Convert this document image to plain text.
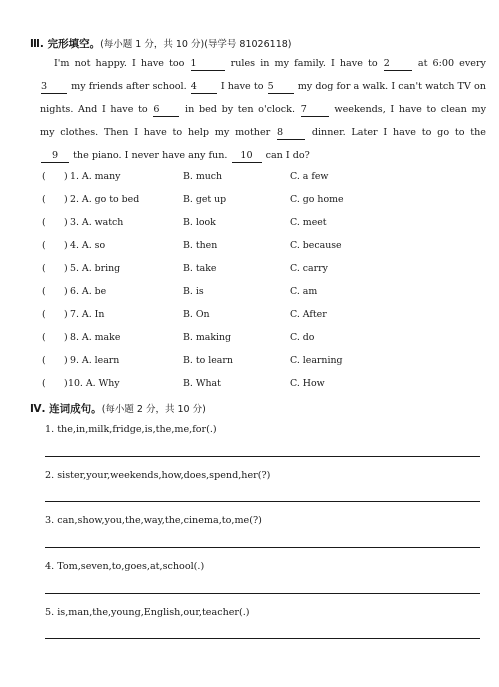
Ⅲ. 完形填空。(每小题 1 分，共 10 分)(导学号 81026118)
I'm not happy. I have too 1	rules in my family. I have to 2	at 6:00 every
3	my friends after school. 4	I have to 5	my dog for a walk. I can't watch TV on
nights. And I have to 6	in bed by ten o'clock. 7	weekends, I have to clean my
my clothes. Then I have to help my mother 8	dinner. Later I have to go to the
9 the piano. I never have any fun. 10 can I do?
( ) 1. A. many	B. much	C. a few
( ) 2. A. go to bed	B. get up	C. go home
( ) 3. A. watch	B. look	C. meet
( ) 4. A. so	B. then	C. because
( ) 5. A. bring	B. take	C. carry
( ) 6. A. be	B. is	C. am
( ) 7. A. In	B. On	C. After
( ) 8. A. make	B. making	C. do
( ) 9. A. learn	B. to learn	C. learning
( ) 10. A. Why	B. What	C. How
Ⅳ. 连词成句。(每小题 2 分，共 10 分)
1. the,in,milk,fridge,is,the,me,for(.)
2. sister,your,weekends,how,does,spend,her(?)
3. can,show,you,the,way,the,cinema,to,me(?)
4. Tom,seven,to,goes,at,school(.)
5. is,man,the,young,English,our,teacher(.)
